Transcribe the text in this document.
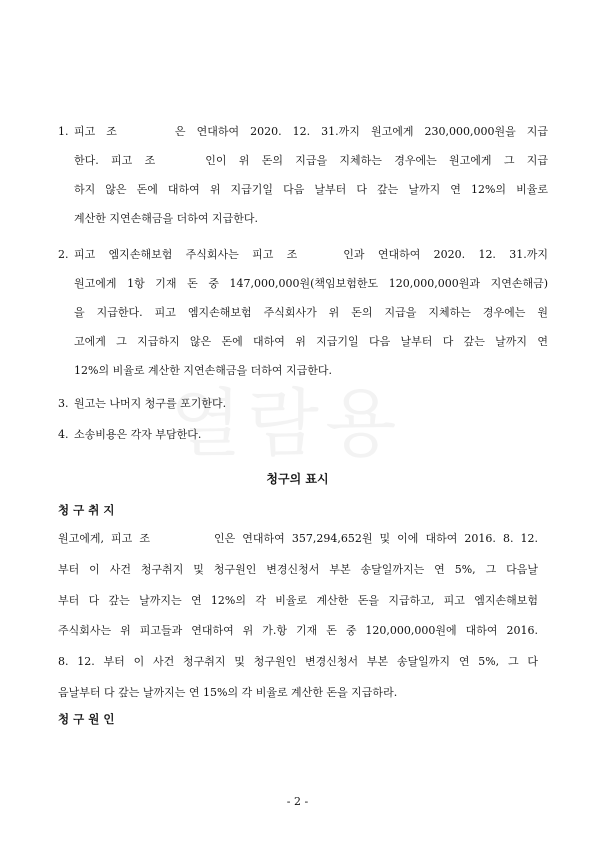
1. 피고 조	은 연대하여 2020. 12. 31.까지 원고에게 230,000,000원을 지급
한다. 피고 조	인이 위 돈의 지급을 지체하는 경우에는 원고에게 그 지급
하지 않은 돈에 대하여 위 지급기일 다음 날부터 다 갚는 날까지 연 12%의 비율로
계산한 지연손해금을 더하여 지급한다.
2. 피고 엠지손해보험 주식회사는 피고 조	인과 연대하여 2020. 12. 31.까지
원고에게 1항 기재 돈 중 147,000,000원(책임보험한도 120,000,000원과 지연손해금)
을 지급한다. 피고 엠지손해보험 주식회사가 위 돈의 지급을 지체하는 경우에는 원
고에게 그 지급하지 않은 돈에 대하여 위 지급기일 다음 날부터 다 갚는 날까지 연
12%의 비율로 계산한 지연손해금을 더하여 지급한다.
3. 원고는 나머지 청구를 포기한다.
4. 소송비용은 각자 부담한다.
청구의 표시
청 구 취 지
원고에게, 피고 조	인은 연대하여 357,294,652원 및 이에 대하여 2016. 8. 12.
부터 이 사건 청구취지 및 청구원인 변경신청서 부본 송달일까지는 연 5%, 그 다음날
부터 다 갚는 날까지는 연 12%의 각 비율로 계산한 돈을 지급하고, 피고 엠지손해보험
주식회사는 위 피고들과 연대하여 위 가.항 기재 돈 중 120,000,000원에 대하여 2016.
8. 12. 부터 이 사건 청구취지 및 청구원인 변경신청서 부본 송달일까지 연 5%, 그 다
음날부터 다 갚는 날까지는 연 15%의 각 비율로 계산한 돈을 지급하라.
청 구 원 인
- 2 -
